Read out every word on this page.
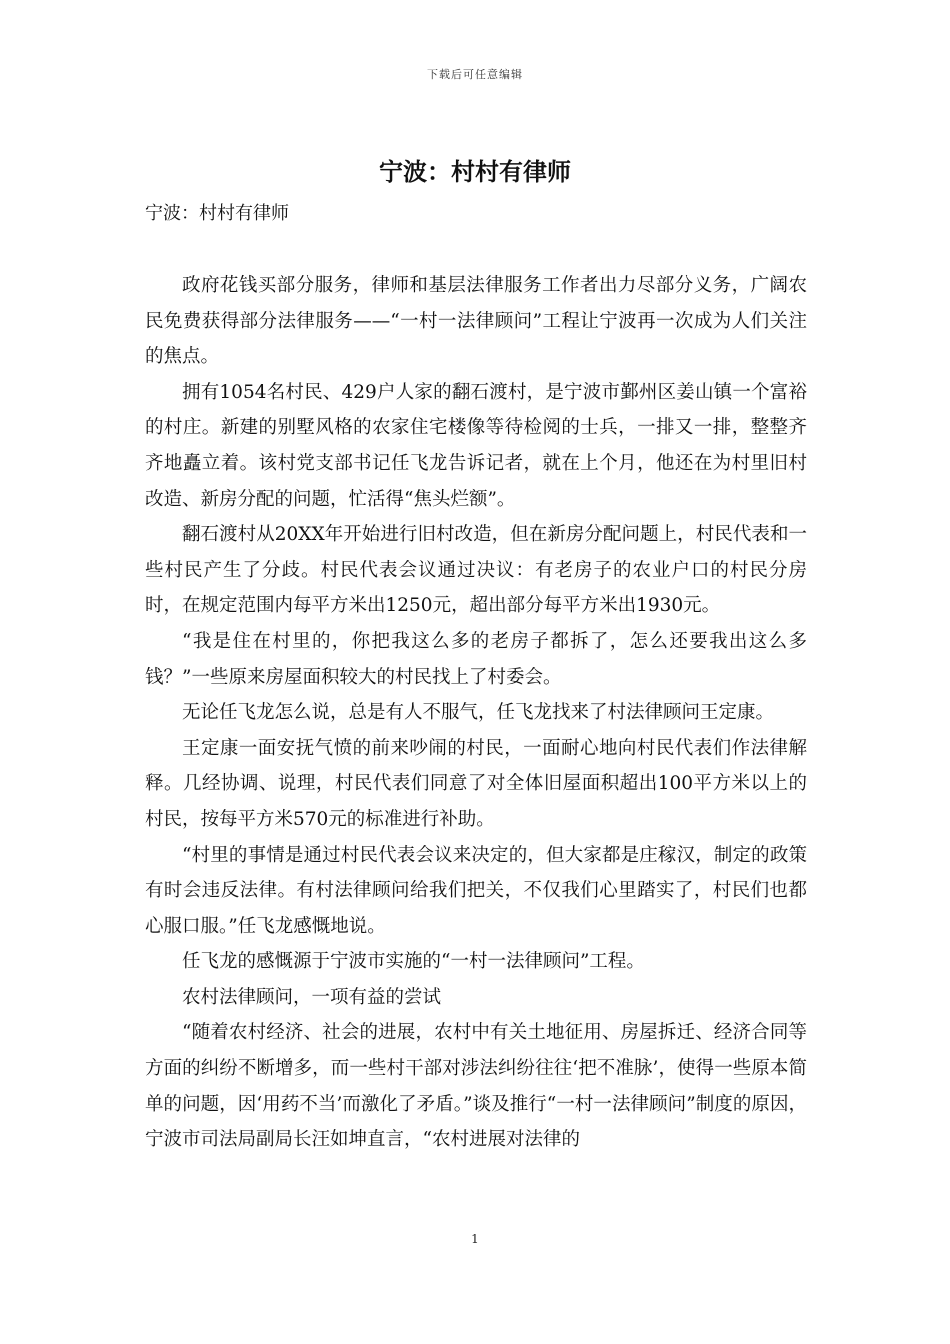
下载后可任意编辑
宁波：村村有律师
宁波：村村有律师

政府花钱买部分服务，律师和基层法律服务工作者出力尽部分义务，广阔农民免费获得部分法律服务——“一村一法律顾问”工程让宁波再一次成为人们关注的焦点。

拥有1054名村民、429户人家的翻石渡村，是宁波市鄞州区姜山镇一个富裕的村庄。新建的别墅风格的农家住宅楼像等待检阅的士兵，一排又一排，整整齐齐地矗立着。该村党支部书记任飞龙告诉记者，就在上个月，他还在为村里旧村改造、新房分配的问题，忙活得“焦头烂额”。

翻石渡村从20XX年开始进行旧村改造，但在新房分配问题上，村民代表和一些村民产生了分歧。村民代表会议通过决议：有老房子的农业户口的村民分房时，在规定范围内每平方米出1250元，超出部分每平方米出1930元。

“我是住在村里的，你把我这么多的老房子都拆了，怎么还要我出这么多钱？”一些原来房屋面积较大的村民找上了村委会。

无论任飞龙怎么说，总是有人不服气，任飞龙找来了村法律顾问王定康。

王定康一面安抚气愤的前来吵闹的村民，一面耐心地向村民代表们作法律解释。几经协调、说理，村民代表们同意了对全体旧屋面积超出100平方米以上的村民，按每平方米570元的标准进行补助。

“村里的事情是通过村民代表会议来决定的，但大家都是庄稼汉，制定的政策有时会违反法律。有村法律顾问给我们把关，不仅我们心里踏实了，村民们也都心服口服。”任飞龙感慨地说。

任飞龙的感慨源于宁波市实施的“一村一法律顾问”工程。

农村法律顾问，一项有益的尝试

“随着农村经济、社会的进展，农村中有关土地征用、房屋拆迁、经济合同等方面的纠纷不断增多，而一些村干部对涉法纠纷往往‘把不准脉’，使得一些原本简单的问题，因‘用药不当’而激化了矛盾。”谈及推行“一村一法律顾问”制度的原因，宁波市司法局副局长汪如坤直言，“农村进展对法律的

1
